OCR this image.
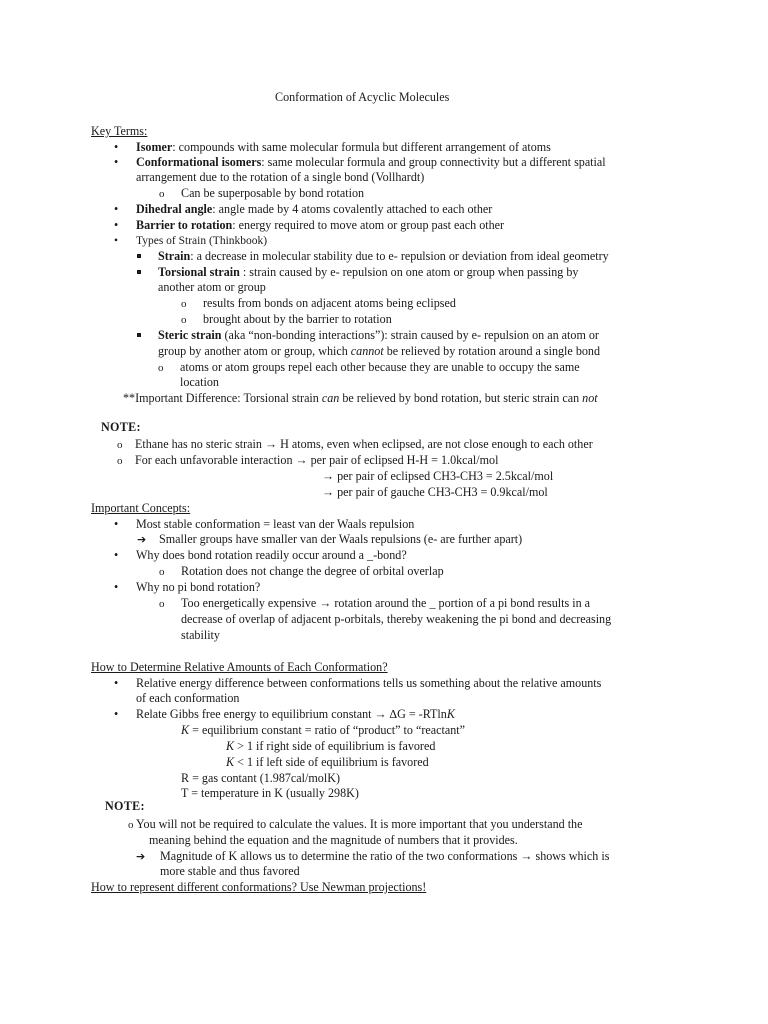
Conformation of Acyclic Molecules
Key Terms:
• Isomer: compounds with same molecular formula but different arrangement of atoms
• Conformational isomers: same molecular formula and group connectivity but a different spatial
arrangement due to the rotation of a single bond (Vollhardt)
o Can be superposable by bond rotation
• Dihedral angle: angle made by 4 atoms covalently attached to each other
• Barrier to rotation: energy required to move atom or group past each other
• Types of Strain (Thinkbook)
Strain: a decrease in molecular stability due to e- repulsion or deviation from ideal geometry
Torsional strain : strain caused by e- repulsion on one atom or group when passing by
another atom or group
o results from bonds on adjacent atoms being eclipsed
o brought about by the barrier to rotation
Steric strain (aka “non-bonding interactions”): strain caused by e- repulsion on an atom or
group by another atom or group, which cannot be relieved by rotation around a single bond
o atoms or atom groups repel each other because they are unable to occupy the same
location
**Important Difference: Torsional strain can be relieved by bond rotation, but steric strain can not
NOTE:
o Ethane has no steric strain → H atoms, even when eclipsed, are not close enough to each other
o For each unfavorable interaction → per pair of eclipsed H-H = 1.0kcal/mol
→ per pair of eclipsed CH3-CH3 = 2.5kcal/mol
→ per pair of gauche CH3-CH3 = 0.9kcal/mol
Important Concepts:
• Most stable conformation = least van der Waals repulsion
➔ Smaller groups have smaller van der Waals repulsions (e- are further apart)
• Why does bond rotation readily occur around a _-bond?
o Rotation does not change the degree of orbital overlap
• Why no pi bond rotation?
o Too energetically expensive → rotation around the _ portion of a pi bond results in a
decrease of overlap of adjacent p-orbitals, thereby weakening the pi bond and decreasing
stability
How to Determine Relative Amounts of Each Conformation?
• Relative energy difference between conformations tells us something about the relative amounts
of each conformation
• Relate Gibbs free energy to equilibrium constant → ∆G = -RTlnK
K = equilibrium constant = ratio of “product” to “reactant”
K > 1 if right side of equilibrium is favored
K < 1 if left side of equilibrium is favored
R = gas contant (1.987cal/molK)
T = temperature in K (usually 298K)
NOTE:
o You will not be required to calculate the values. It is more important that you understand the
meaning behind the equation and the magnitude of numbers that it provides.
➔ Magnitude of K allows us to determine the ratio of the two conformations → shows which is
more stable and thus favored
How to represent different conformations? Use Newman projections!
